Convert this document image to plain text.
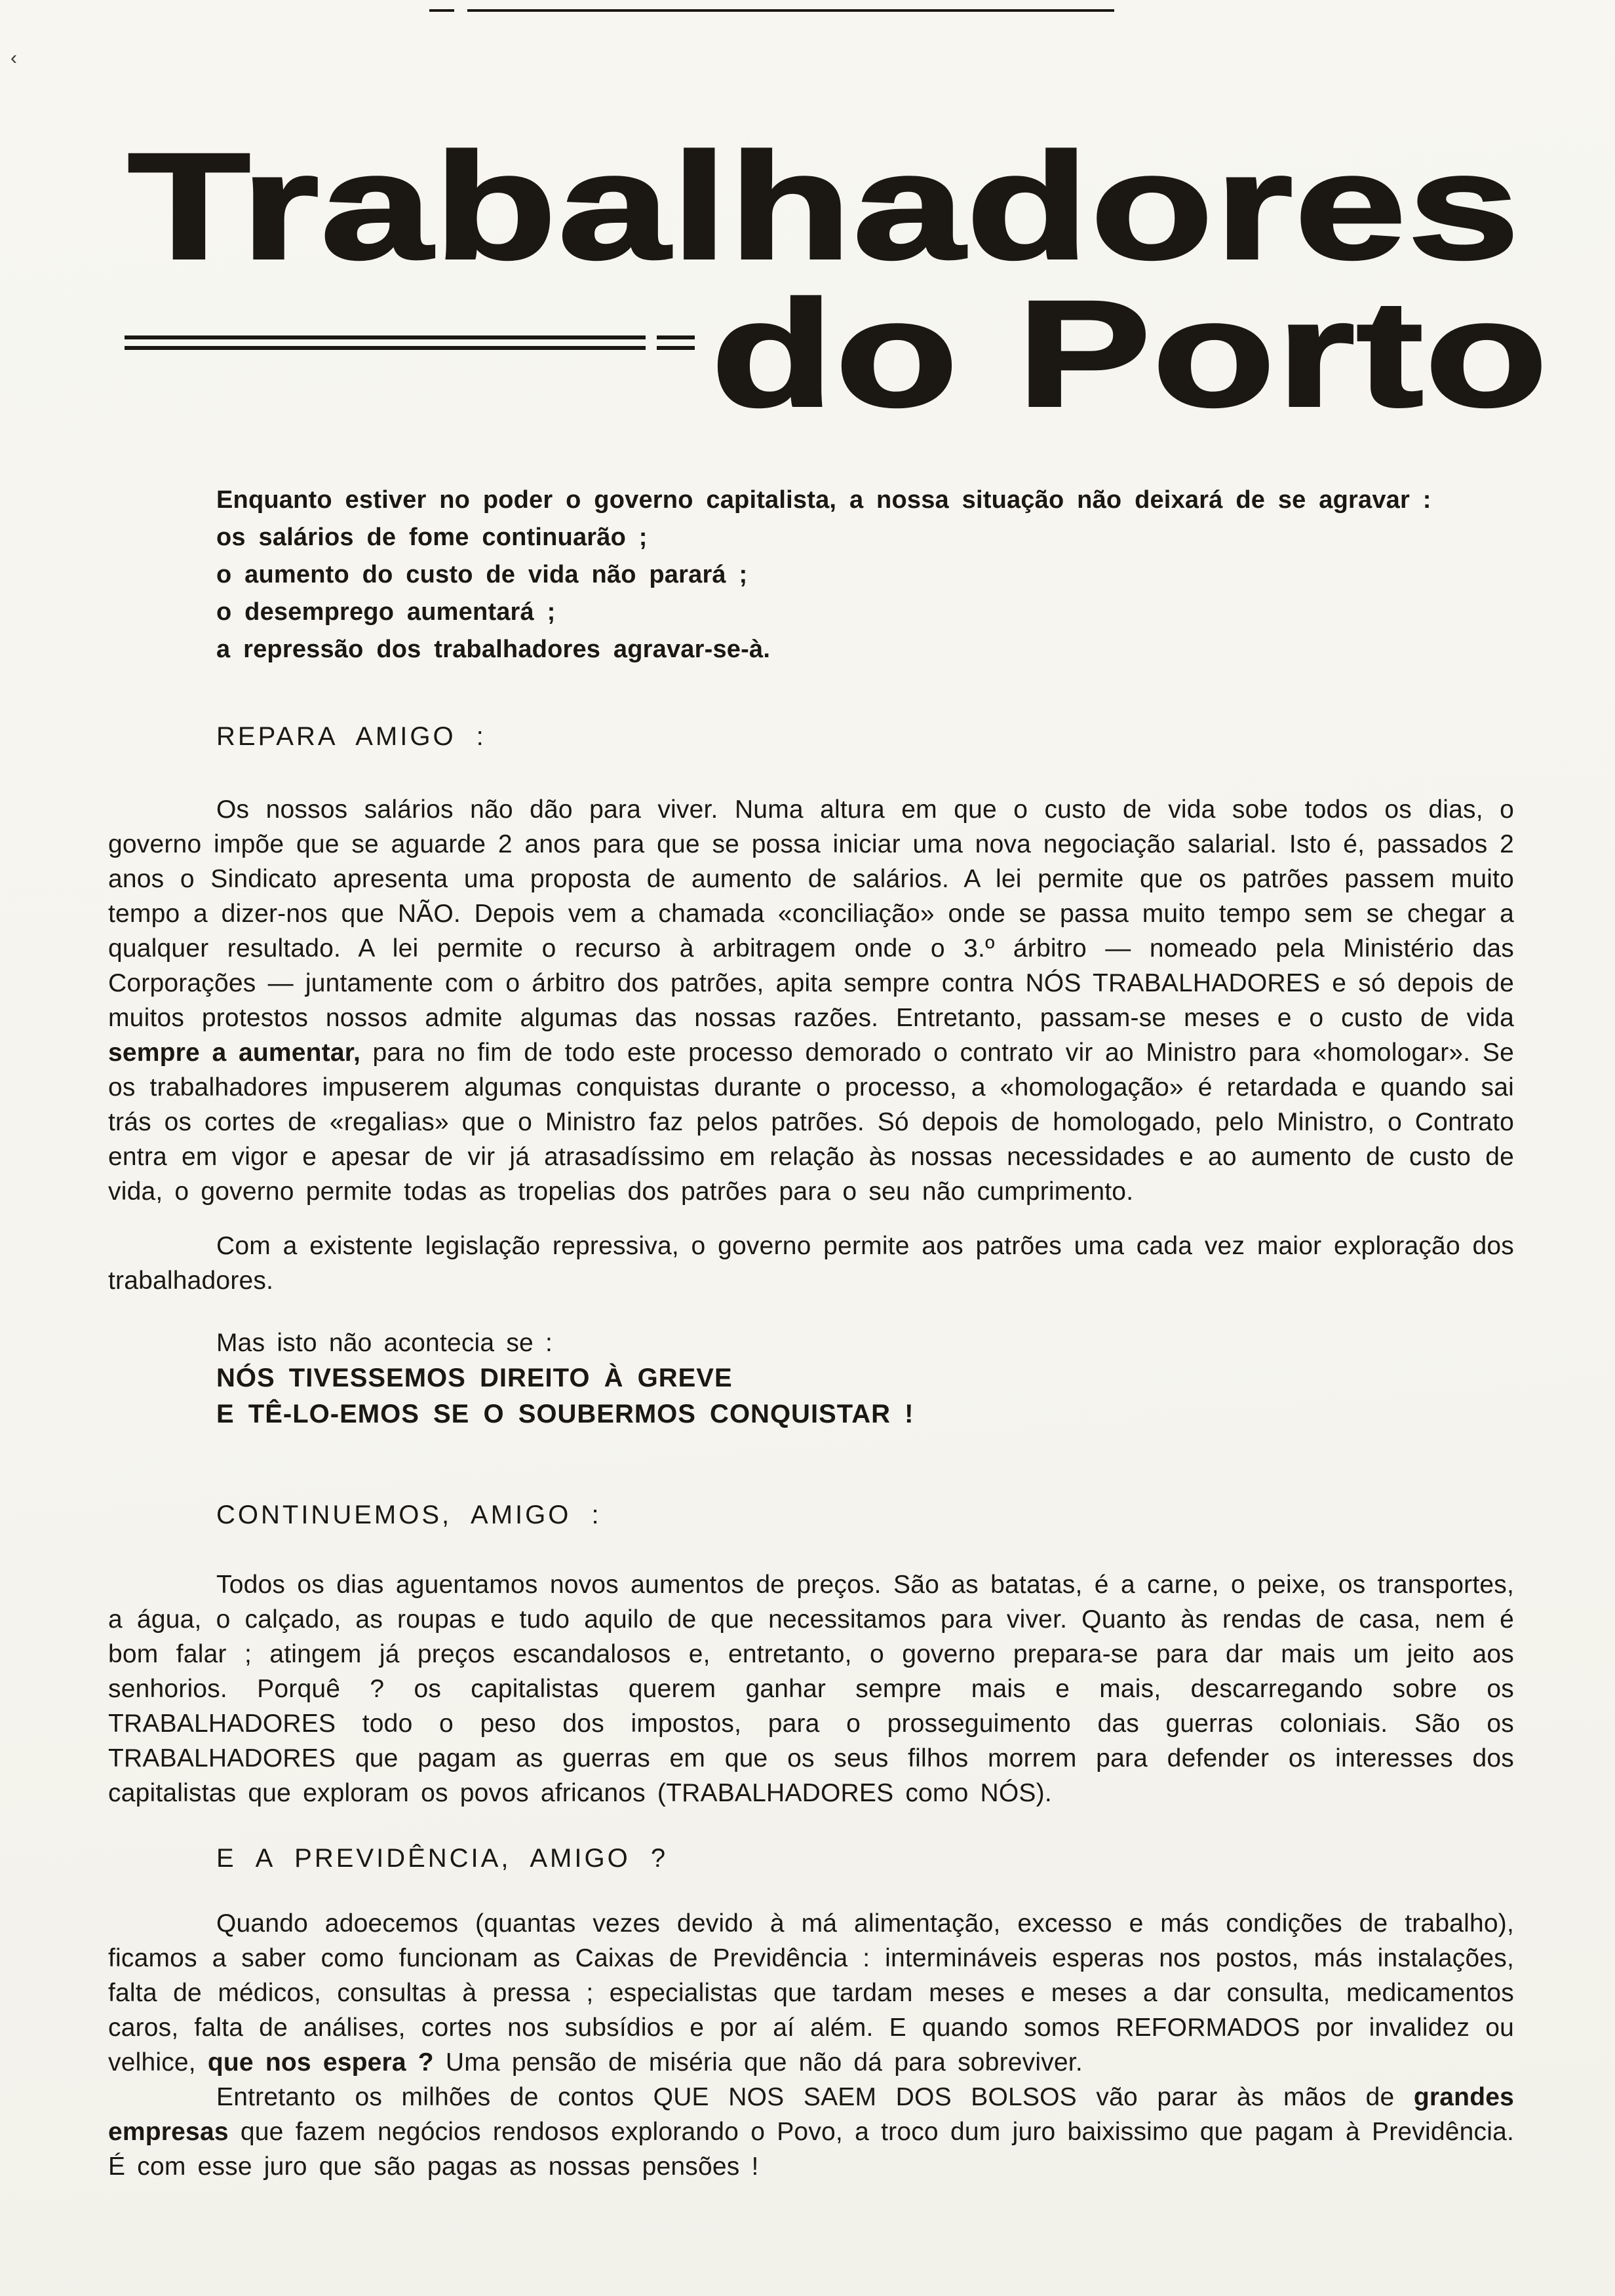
‹
Trabalhadores
do Porto
Enquanto estiver no poder o governo capitalista, a nossa situação não deixará de se agravar :
os salários de fome continuarão ;
o aumento do custo de vida não parará ;
o desemprego aumentará ;
a repressão dos trabalhadores agravar-se-à.
REPARA AMIGO :
Os nossos salários não dão para viver. Numa altura em que o custo de vida sobe todos os dias, o governo impõe que se aguarde 2 anos para que se possa iniciar uma nova negociação salarial. Isto é, passados 2 anos o Sindicato apresenta uma proposta de aumento de salários. A lei permite que os patrões passem muito tempo a dizer-nos que NÃO. Depois vem a chamada «conciliação» onde se passa muito tempo sem se chegar a qualquer resultado. A lei permite o recurso à arbitragem onde o 3.º árbitro — nomeado pela Ministério das Corporações — juntamente com o árbitro dos patrões, apita sempre contra NÓS TRABALHADORES e só depois de muitos protestos nossos admite algumas das nossas razões. Entretanto, passam-se meses e o custo de vida sempre a aumentar, para no fim de todo este processo demorado o contrato vir ao Ministro para «homologar». Se os trabalhadores impuserem algumas conquistas durante o processo, a «homologação» é retardada e quando sai trás os cortes de «regalias» que o Ministro faz pelos patrões. Só depois de homologado, pelo Ministro, o Contrato entra em vigor e apesar de vir já atrasadíssimo em relação às nossas necessidades e ao aumento de custo de vida, o governo permite todas as tropelias dos patrões para o seu não cumprimento.
Com a existente legislação repressiva, o governo permite aos patrões uma cada vez maior exploração dos trabalhadores.
Mas isto não acontecia se :
NÓS TIVESSEMOS DIREITO À GREVE
E TÊ-LO-EMOS SE O SOUBERMOS CONQUISTAR !
CONTINUEMOS, AMIGO :
Todos os dias aguentamos novos aumentos de preços. São as batatas, é a carne, o peixe, os transportes, a água, o calçado, as roupas e tudo aquilo de que necessitamos para viver. Quanto às rendas de casa, nem é bom falar ; atingem já preços escandalosos e, entretanto, o governo prepara-se para dar mais um jeito aos senhorios. Porquê ? os capitalistas querem ganhar sempre mais e mais, descarregando sobre os TRABALHADORES todo o peso dos impostos, para o prosseguimento das guerras coloniais. São os TRABALHADORES que pagam as guerras em que os seus filhos morrem para defender os interesses dos capitalistas que exploram os povos africanos (TRABALHADORES como NÓS).
E A PREVIDÊNCIA, AMIGO ?
Quando adoecemos (quantas vezes devido à má alimentação, excesso e más condições de trabalho), ficamos a saber como funcionam as Caixas de Previdência : intermináveis esperas nos postos, más instalações, falta de médicos, consultas à pressa ; especialistas que tardam meses e meses a dar consulta, medicamentos caros, falta de análises, cortes nos subsídios e por aí além. E quando somos REFORMADOS por invalidez ou velhice, que nos espera ? Uma pensão de miséria que não dá para sobreviver.
Entretanto os milhões de contos QUE NOS SAEM DOS BOLSOS vão parar às mãos de grandes empresas que fazem negócios rendosos explorando o Povo, a troco dum juro baixissimo que pagam à Previdência. É com esse juro que são pagas as nossas pensões !
